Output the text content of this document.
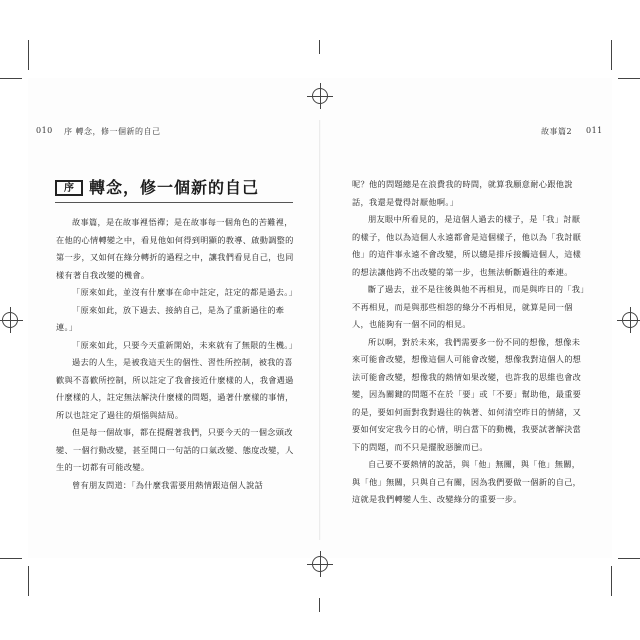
010 序 轉念，修一個新的自己	故事篇2 011
序 轉念，修一個新的自己

故事篇，是在故事裡悟禪；是在故事每一個角色的苦難裡，在他的心情轉變之中，看見他如何得到明顯的教導、啟動調整的第一步，又如何在綠分轉折的過程之中，讓我們看見自己，也同樣有著自我改變的機會。

「原來如此，並沒有什麼事在命中註定，註定的都是過去。」

「原來如此，放下過去、接納自己，是為了重新過往的牽連。」

「原來如此，只要今天重新開始，未來就有了無限的生機。」

過去的人生，是被我這天生的個性、習性所控制，被我的喜歡與不喜歡所控制，所以註定了我會接近什麼樣的人，我會遇過什麼樣的人，註定無法解決什麼樣的問題，過著什麼樣的事情，所以也註定了過往的煩惱與結局。

但是每一個故事，都在提醒著我們，只要今天的一個念頭改變、一個行動改變，甚至開口一句話的口氣改變、態度改變，人生的一切都有可能改變。

曾有朋友問道：「為什麼我需要用熱情跟這個人說話

呢？他的問題總是在浪費我的時間，就算我願意耐心跟他說話，我還是覺得討厭他啊。」

朋友眼中所看見的，是這個人過去的樣子，是「我」討厭的樣子，他以為這個人永遠都會是這個樣子，他以為「我討厭他」的這件事永遠不會改變，所以總是排斥接觸這個人，這樣的想法讓他跨不出改變的第一步，也無法斬斷過往的牽連。

斷了過去，並不是往後與他不再相見，而是與昨日的「我」不再相見，而是與那些相怨的綠分不再相見，就算是同一個人，也能夠有一個不同的相見。

所以啊，對於未來，我們需要多一份不同的想像，想像未來可能會改變，想像這個人可能會改變，想像我對這個人的想法可能會改變，想像我的熱情如果改變，也許我的思維也會改變，因為關鍵的問題不在於「要」或「不要」幫助他，最重要的是，要如何面對我對過往的執著、如何清空昨日的情緒，又要如何安定我今日的心情，明白當下的動機，我要試著解決當下的問題，而不只是擺脫惡臉而已。

自己要不要熱情的說話，與「他」無關，與「他」無關，與「他」無關，只與自己有關，因為我們要做一個新的自己，這就是我們轉變人生、改變綠分的重要一步。
